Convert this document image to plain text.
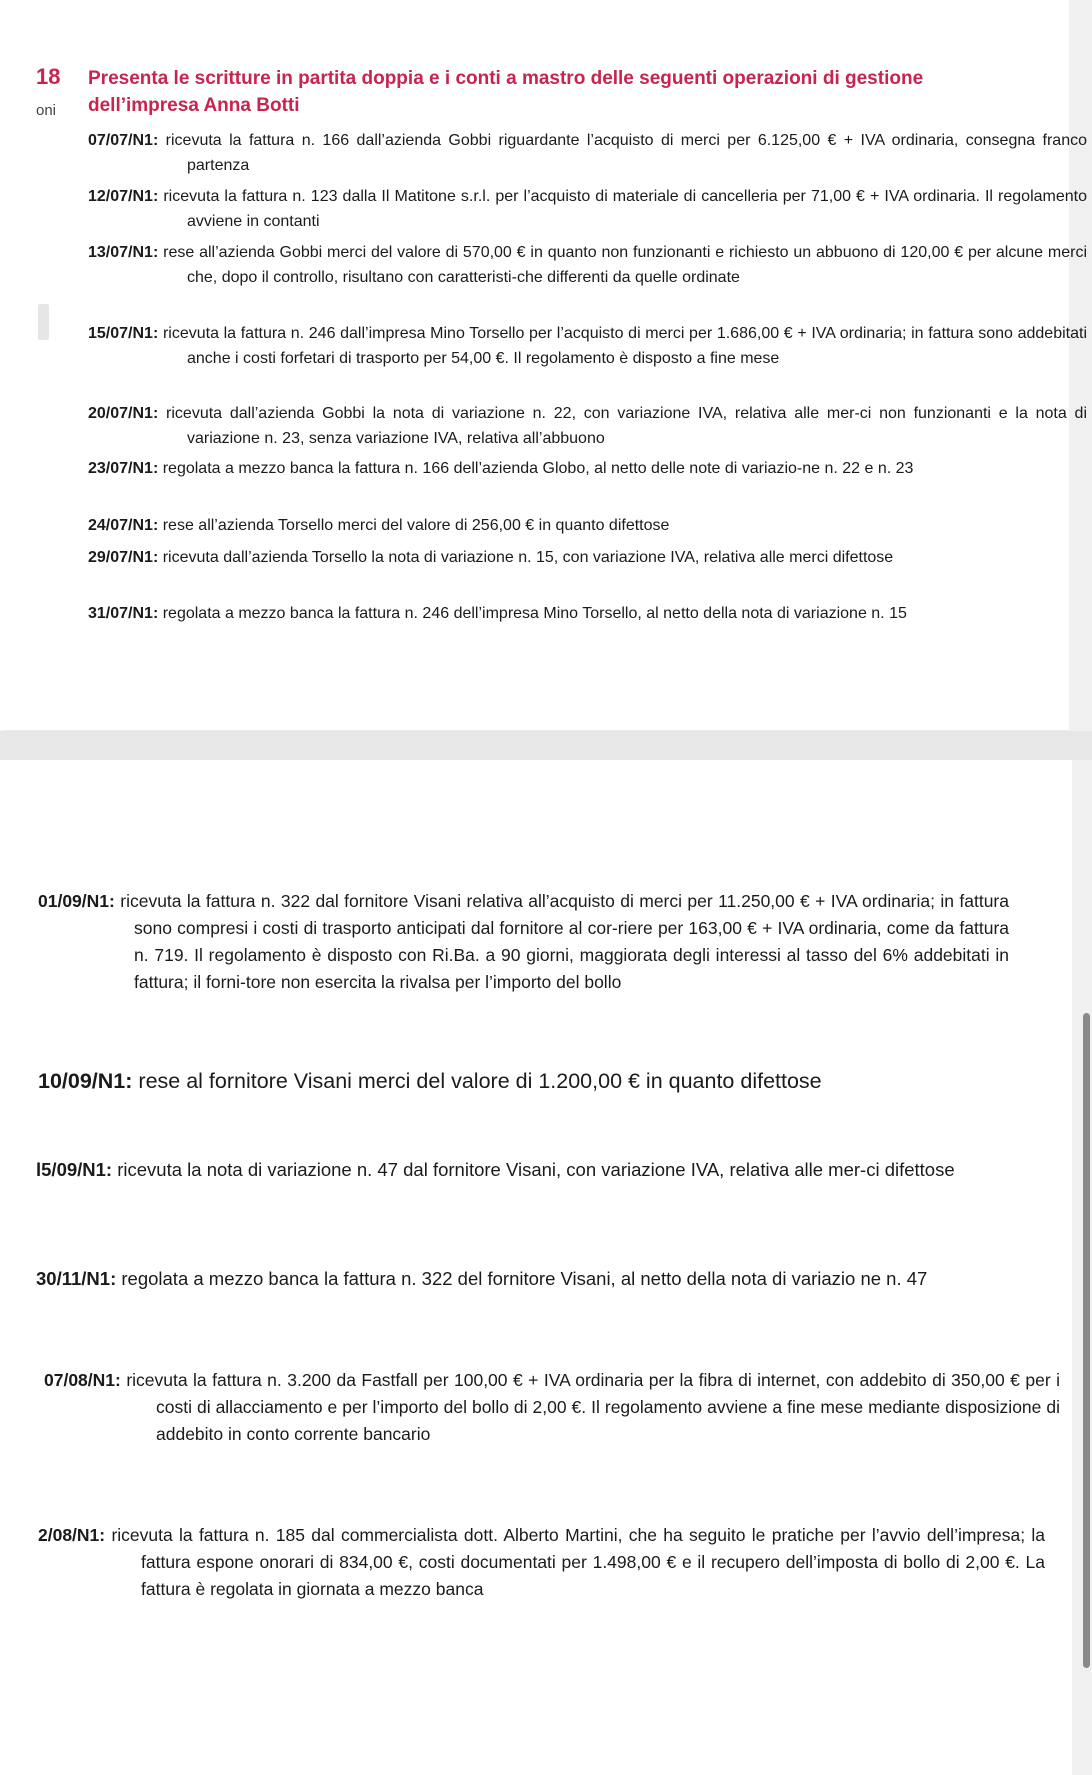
18
oni
Presenta le scritture in partita doppia e i conti a mastro delle seguenti operazioni di gestione dell’impresa Anna Botti
07/07/N1: ricevuta la fattura n. 166 dall’azienda Gobbi riguardante l’acquisto di merci per 6.125,00 € + IVA ordinaria, consegna franco partenza
12/07/N1: ricevuta la fattura n. 123 dalla Il Matitone s.r.l. per l’acquisto di materiale di cancelleria per 71,00 € + IVA ordinaria. Il regolamento avviene in contanti
13/07/N1: rese all’azienda Gobbi merci del valore di 570,00 € in quanto non funzionanti e richiesto un abbuono di 120,00 € per alcune merci che, dopo il controllo, risultano con caratteristi-che differenti da quelle ordinate
15/07/N1: ricevuta la fattura n. 246 dall’impresa Mino Torsello per l’acquisto di merci per 1.686,00 € + IVA ordinaria; in fattura sono addebitati anche i costi forfetari di trasporto per 54,00 €. Il regolamento è disposto a fine mese
20/07/N1: ricevuta dall’azienda Gobbi la nota di variazione n. 22, con variazione IVA, relativa alle mer-ci non funzionanti e la nota di variazione n. 23, senza variazione IVA, relativa all’abbuono
23/07/N1: regolata a mezzo banca la fattura n. 166 dell’azienda Globo, al netto delle note di variazio-ne n. 22 e n. 23
24/07/N1: rese all’azienda Torsello merci del valore di 256,00 € in quanto difettose
29/07/N1: ricevuta dall’azienda Torsello la nota di variazione n. 15, con variazione IVA, relativa alle merci difettose
31/07/N1: regolata a mezzo banca la fattura n. 246 dell’impresa Mino Torsello, al netto della nota di variazione n. 15
01/09/N1: ricevuta la fattura n. 322 dal fornitore Visani relativa all’acquisto di merci per 11.250,00 € + IVA ordinaria; in fattura sono compresi i costi di trasporto anticipati dal fornitore al cor-riere per 163,00 € + IVA ordinaria, come da fattura n. 719. Il regolamento è disposto con Ri.Ba. a 90 giorni, maggiorata degli interessi al tasso del 6% addebitati in fattura; il forni-tore non esercita la rivalsa per l’importo del bollo
10/09/N1: rese al fornitore Visani merci del valore di 1.200,00 € in quanto difettose
l5/09/N1: ricevuta la nota di variazione n. 47 dal fornitore Visani, con variazione IVA, relativa alle mer-ci difettose
30/11/N1: regolata a mezzo banca la fattura n. 322 del fornitore Visani, al netto della nota di variazio ne n. 47
07/08/N1: ricevuta la fattura n. 3.200 da Fastfall per 100,00 € + IVA ordinaria per la fibra di internet, con addebito di 350,00 € per i costi di allacciamento e per l’importo del bollo di 2,00 €. Il regolamento avviene a fine mese mediante disposizione di addebito in conto corrente bancario
2/08/N1: ricevuta la fattura n. 185 dal commercialista dott. Alberto Martini, che ha seguito le pratiche per l’avvio dell’impresa; la fattura espone onorari di 834,00 €, costi documentati per 1.498,00 € e il recupero dell’imposta di bollo di 2,00 €. La fattura è regolata in giornata a mezzo banca
